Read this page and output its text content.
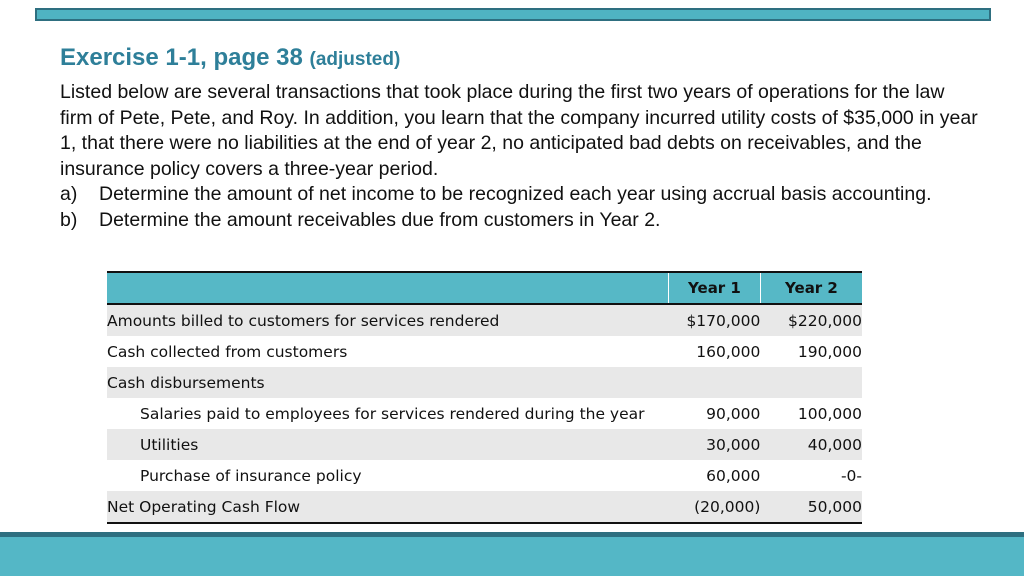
Exercise 1-1, page 38 (adjusted)

Listed below are several transactions that took place during the first two years of operations for the law firm of Pete, Pete, and Roy. In addition, you learn that the company incurred utility costs of $35,000 in year 1, that there were no liabilities at the end of year 2, no anticipated bad debts on receivables, and the insurance policy covers a three-year period.

a)	Determine the amount of net income to be recognized each year using accrual basis accounting.
b)	Determine the amount receivables due from customers in Year 2.
	Year 1	Year 2
Amounts billed to customers for services rendered	$170,000	$220,000
Cash collected from customers	160,000	190,000
Cash disbursements		
Salaries paid to employees for services rendered during the year	90,000	100,000
Utilities	30,000	40,000
Purchase of insurance policy	60,000	-0-
Net Operating Cash Flow	(20,000)	50,000
